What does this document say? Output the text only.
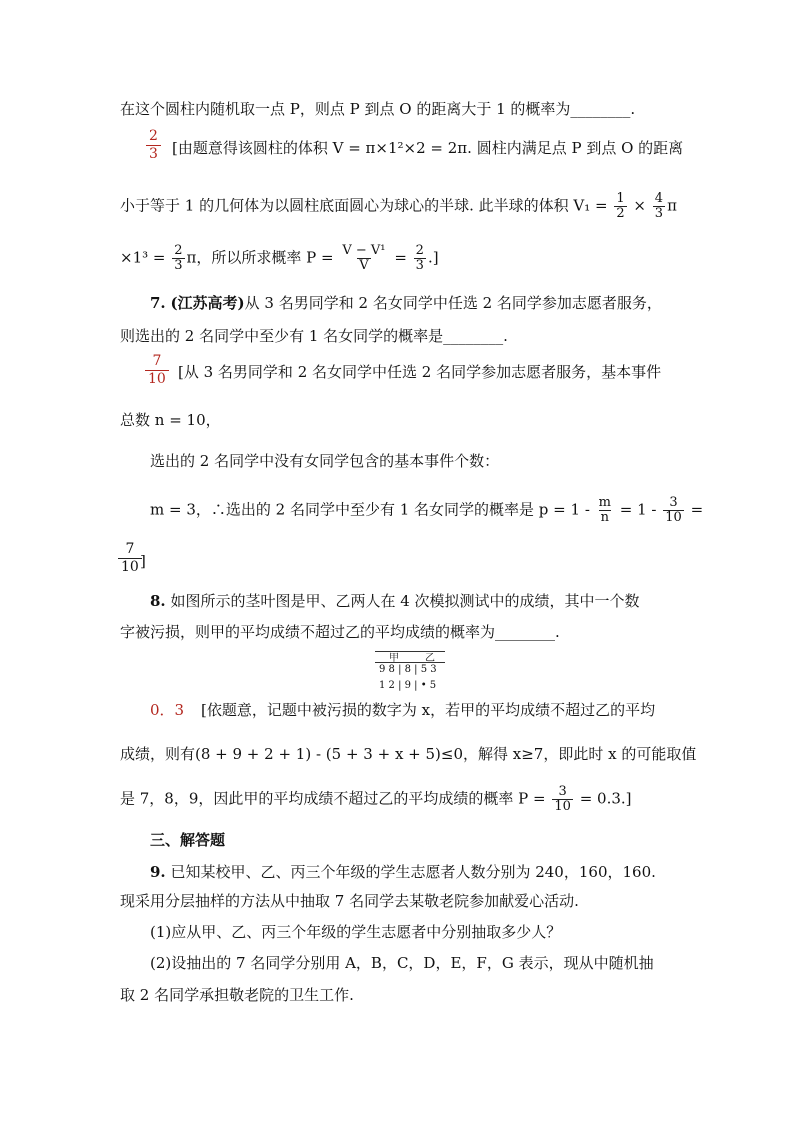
在这个圆柱内随机取一点 P，则点 P 到点 O 的距离大于 1 的概率为________.
$\frac{2}{3}$ [由题意得该圆柱的体积 V = π×1²×2 = 2π. 圆柱内满足点 P 到点 O 的距离
小于等于 1 的几何体为以圆柱底面圆心为球心的半球. 此半球的体积 $V_1 = \frac{1}{2} \times \frac{4}{3}$ π
$\times 1^3 = \frac{2}{3}$ π，所以所求概率 $P = \frac{\text{V − V¹}}{V} = \frac{2}{3}$ .]
7. (江苏高考)从 3 名男同学和 2 名女同学中任选 2 名同学参加志愿者服务，
则选出的 2 名同学中至少有 1 名女同学的概率是________.
$\frac{7}{10}$ [从 3 名男同学和 2 名女同学中任选 2 名同学参加志愿者服务，基本事件
总数 n = 10，
选出的 2 名同学中没有女同学包含的基本事件个数：
m = 3，∴选出的 2 名同学中至少有 1 名女同学的概率是 $p = 1 - \frac{m}{n} = 1 - \frac{3}{10}$ =
$\frac{7}{10}$
]
8. 如图所示的茎叶图是甲、乙两人在 4 次模拟测试中的成绩，其中一个数
字被污损，则甲的平均成绩不超过乙的平均成绩的概率为________.
甲	乙
9 8 | 8 | 5 3
1 2 | 9 | • 5
0．3 [依题意，记题中被污损的数字为 x，若甲的平均成绩不超过乙的平均
成绩，则有(8 + 9 + 2 + 1) - (5 + 3 + x + 5)≤0，解得 x≥7，即此时 x 的可能取值
是 7，8，9，因此甲的平均成绩不超过乙的平均成绩的概率 $P = \frac{3}{10} = 0.3$.]
三、解答题
9. 已知某校甲、乙、丙三个年级的学生志愿者人数分别为 240，160，160.
现采用分层抽样的方法从中抽取 7 名同学去某敬老院参加献爱心活动.
(1)应从甲、乙、丙三个年级的学生志愿者中分别抽取多少人？
(2)设抽出的 7 名同学分别用 A，B，C，D，E，F，G 表示，现从中随机抽
取 2 名同学承担敬老院的卫生工作.
